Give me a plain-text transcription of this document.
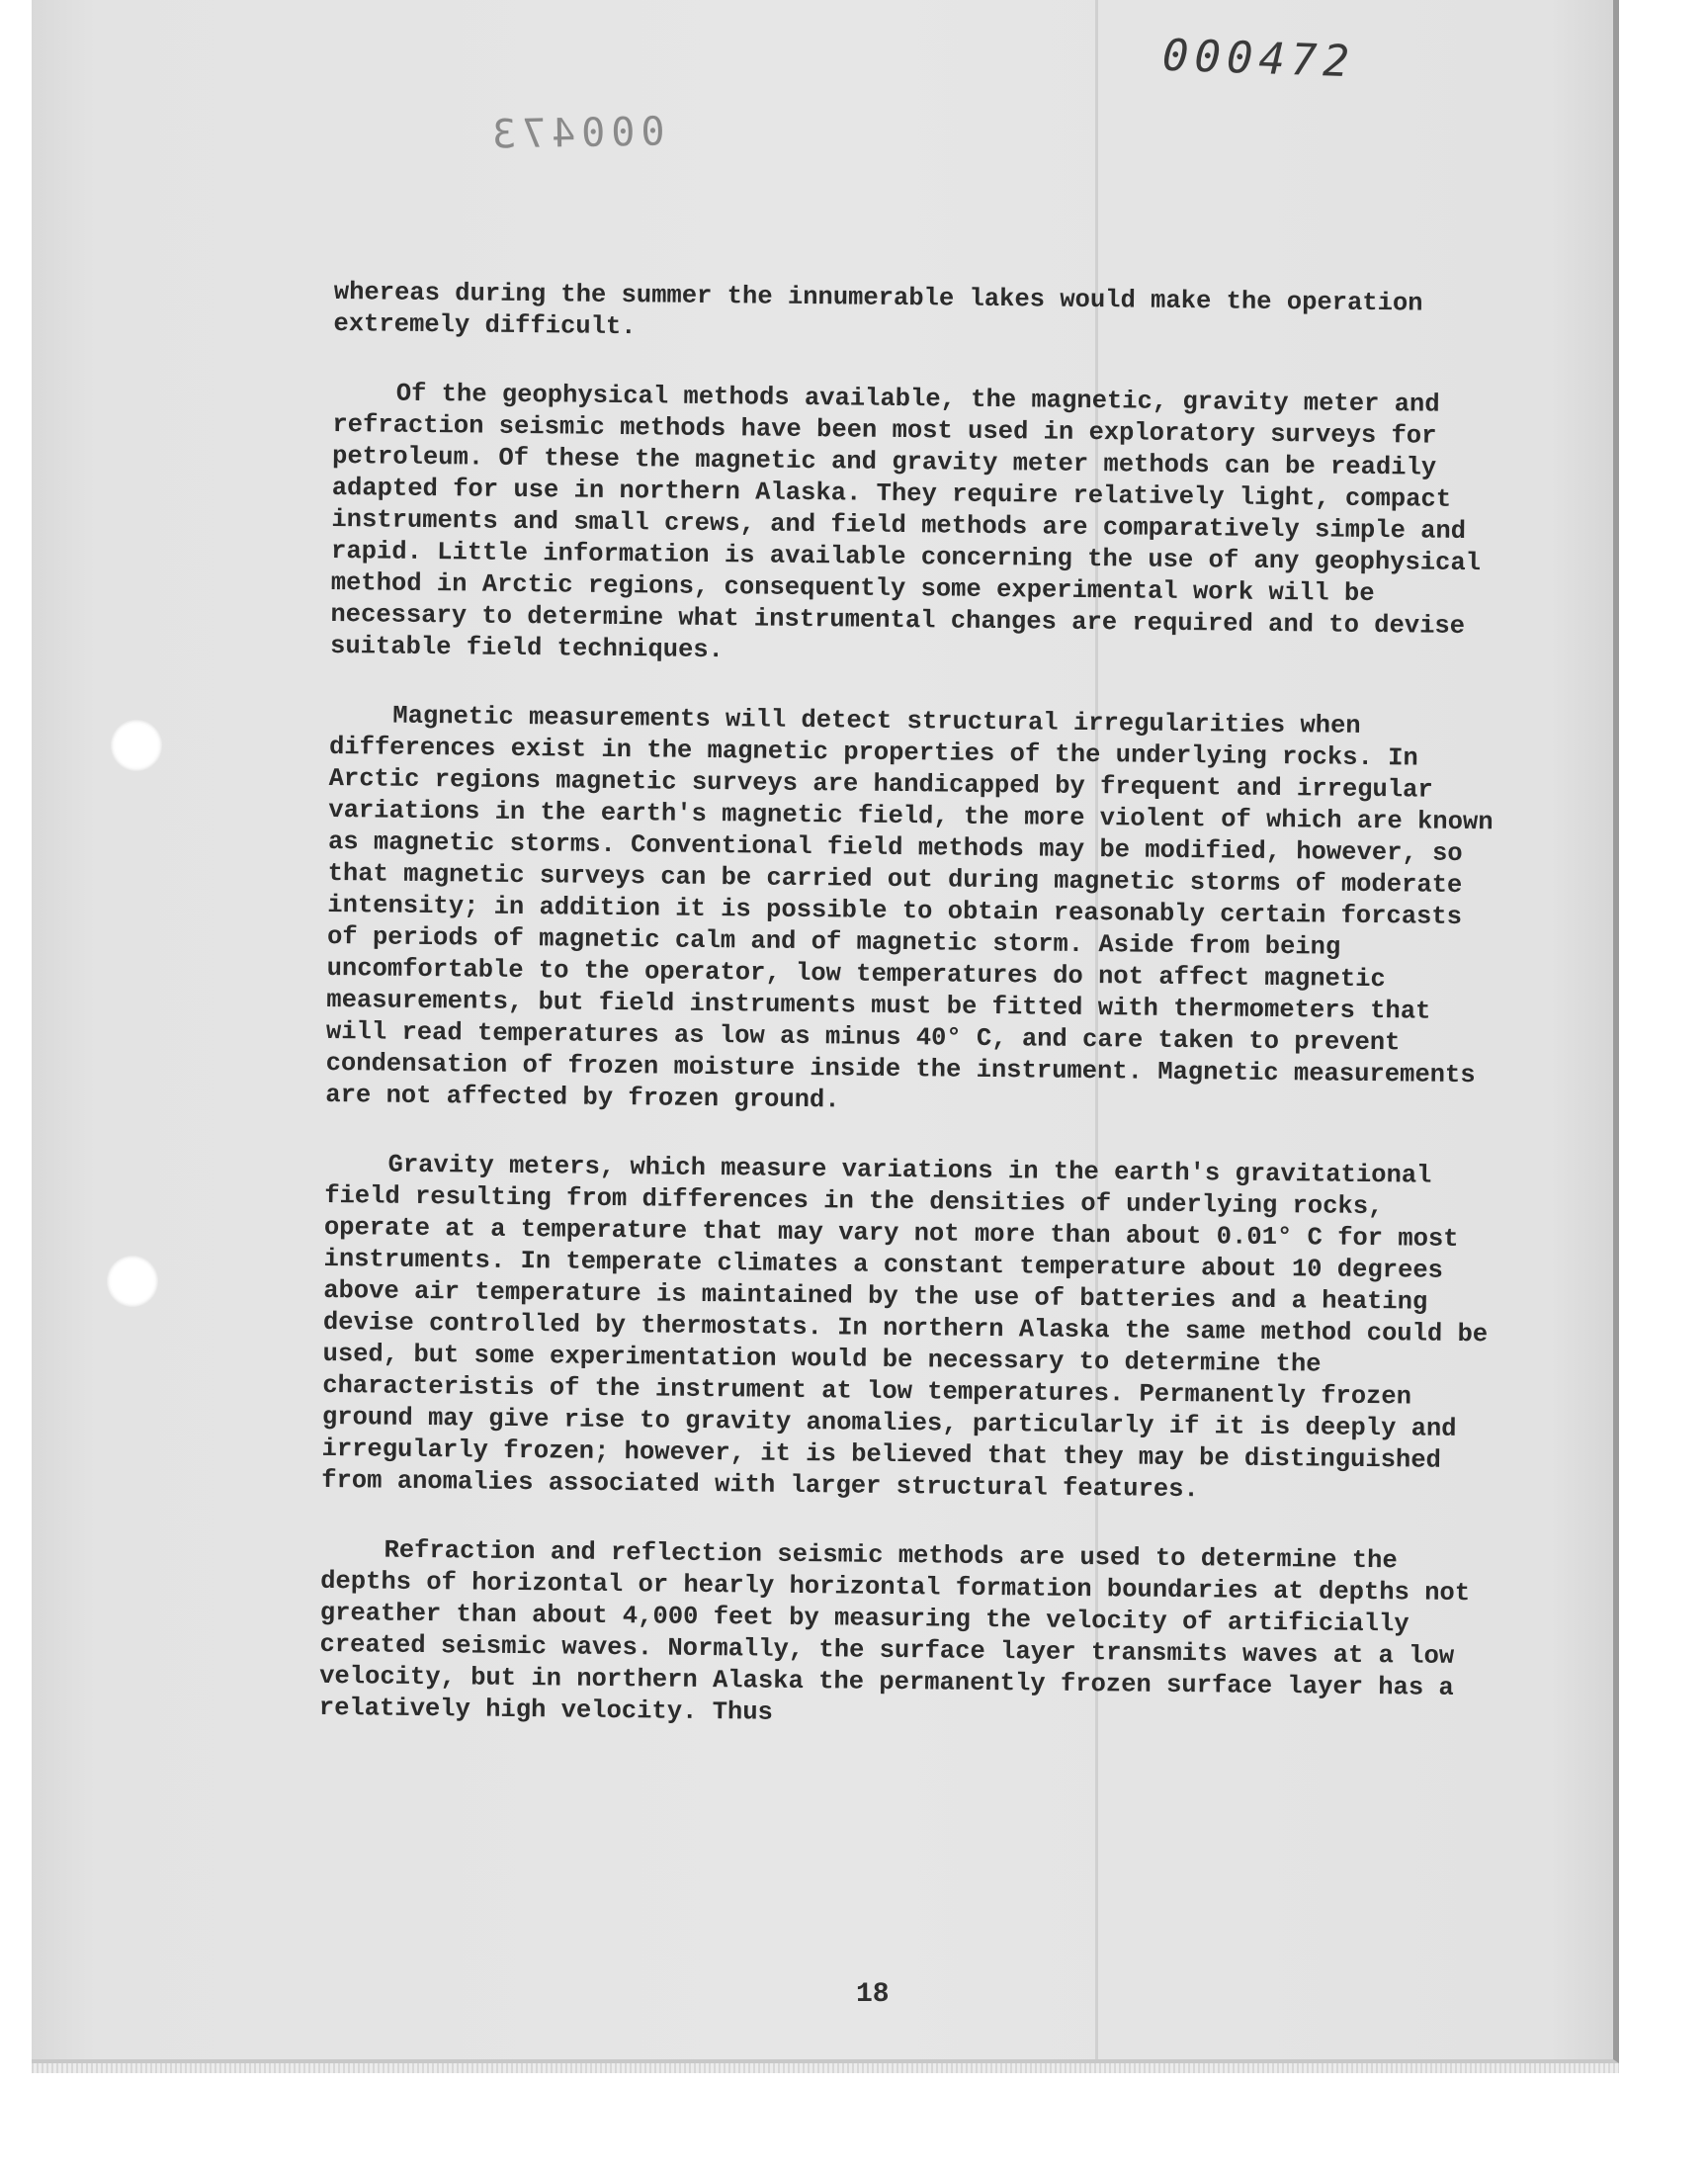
000472
000473

whereas during the summer the innumerable lakes would make the operation extremely difficult.

Of the geophysical methods available, the magnetic, gravity meter and refraction seismic methods have been most used in exploratory surveys for petroleum. Of these the magnetic and gravity meter methods can be readily adapted for use in northern Alaska. They require relatively light, compact instruments and small crews, and field methods are comparatively simple and rapid. Little information is available concerning the use of any geophysical method in Arctic regions, consequently some experimental work will be necessary to determine what instrumental changes are required and to devise suitable field techniques.

Magnetic measurements will detect structural irregularities when differences exist in the magnetic properties of the underlying rocks. In Arctic regions magnetic surveys are handicapped by frequent and irregular variations in the earth's magnetic field, the more violent of which are known as magnetic storms. Conventional field methods may be modified, however, so that magnetic surveys can be carried out during magnetic storms of moderate intensity; in addition it is possible to obtain reasonably certain forcasts of periods of magnetic calm and of magnetic storm. Aside from being uncomfortable to the operator, low temperatures do not affect magnetic measurements, but field instruments must be fitted with thermometers that will read temperatures as low as minus 40° C, and care taken to prevent condensation of frozen moisture inside the instrument. Magnetic measurements are not affected by frozen ground.

Gravity meters, which measure variations in the earth's gravitational field resulting from differences in the densities of underlying rocks, operate at a temperature that may vary not more than about 0.01° C for most instruments. In temperate climates a constant temperature about 10 degrees above air temperature is maintained by the use of batteries and a heating devise controlled by thermostats. In northern Alaska the same method could be used, but some experimentation would be necessary to determine the characteristis of the instrument at low temperatures. Permanently frozen ground may give rise to gravity anomalies, particularly if it is deeply and irregularly frozen; however, it is believed that they may be distinguished from anomalies associated with larger structural features.

Refraction and reflection seismic methods are used to determine the depths of horizontal or hearly horizontal formation boundaries at depths not greather than about 4,000 feet by measuring the velocity of artificially created seismic waves. Normally, the surface layer transmits waves at a low velocity, but in northern Alaska the permanently frozen surface layer has a relatively high velocity. Thus

18
